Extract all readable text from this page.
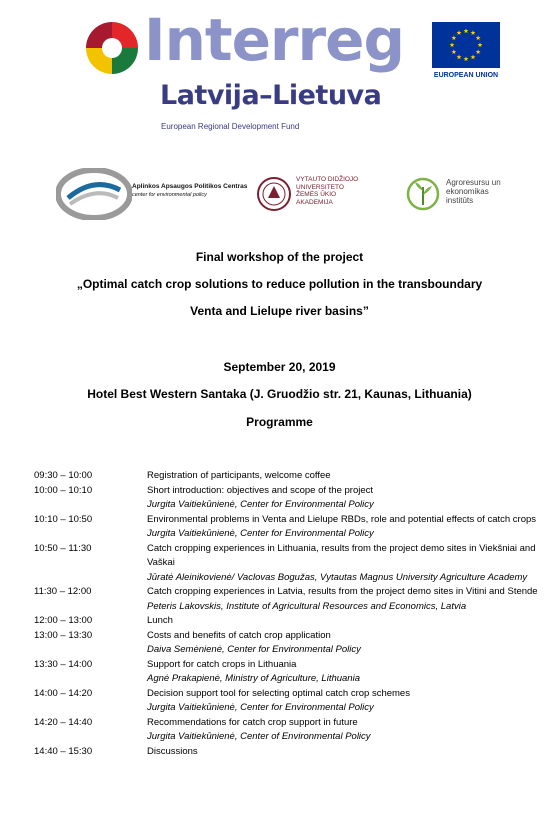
Interreg
Latvija–Lietuva
European Regional Development Fund
EUROPEAN UNION
Aplinkos Apsaugos Politikos Centras
center for environmental policy
VYTAUTO DIDŽIOJO
UNIVERSITETO
ŽEMĖS ŪKIO
AKADEMIJA
Agroresursu un
ekonomikas
institūts
Final workshop of the project
„Optimal catch crop solutions to reduce pollution in the transboundary
Venta and Lielupe river basins”
September 20, 2019
Hotel Best Western Santaka (J. Gruodžio str. 21, Kaunas, Lithuania)
Programme
09:30 – 10:00	Registration of participants, welcome coffee
10:00 – 10:10	Short introduction: objectives and scope of the project
Jurgita Vaitiekūnienė, Center for Environmental Policy
10:10 – 10:50	Environmental problems in Venta and Lielupe RBDs, role and potential effects of catch crops
Jurgita Vaitiekūnienė, Center for Environmental Policy
10:50 – 11:30	Catch cropping experiences in Lithuania, results from the project demo sites in Viekšniai and Vaškai
Jūratė Aleinikovienė/ Vaclovas Bogužas, Vytautas Magnus University Agriculture Academy
11:30 – 12:00	Catch cropping experiences in Latvia, results from the project demo sites in Vitini and Stende
Peteris Lakovskis, Institute of Agricultural Resources and Economics, Latvia
12:00 – 13:00	Lunch
13:00 – 13:30	Costs and benefits of catch crop application
Daiva Semėnienė, Center for Environmental Policy
13:30 – 14:00	Support for catch crops in Lithuania
Agnė Prakapienė, Ministry of Agriculture, Lithuania
14:00 – 14:20	Decision support tool for selecting optimal catch crop schemes
Jurgita Vaitiekūnienė, Center for Environmental Policy
14:20 – 14:40	Recommendations for catch crop support in future
Jurgita Vaitiekūnienė, Center of Environmental Policy
14:40 – 15:30	Discussions
